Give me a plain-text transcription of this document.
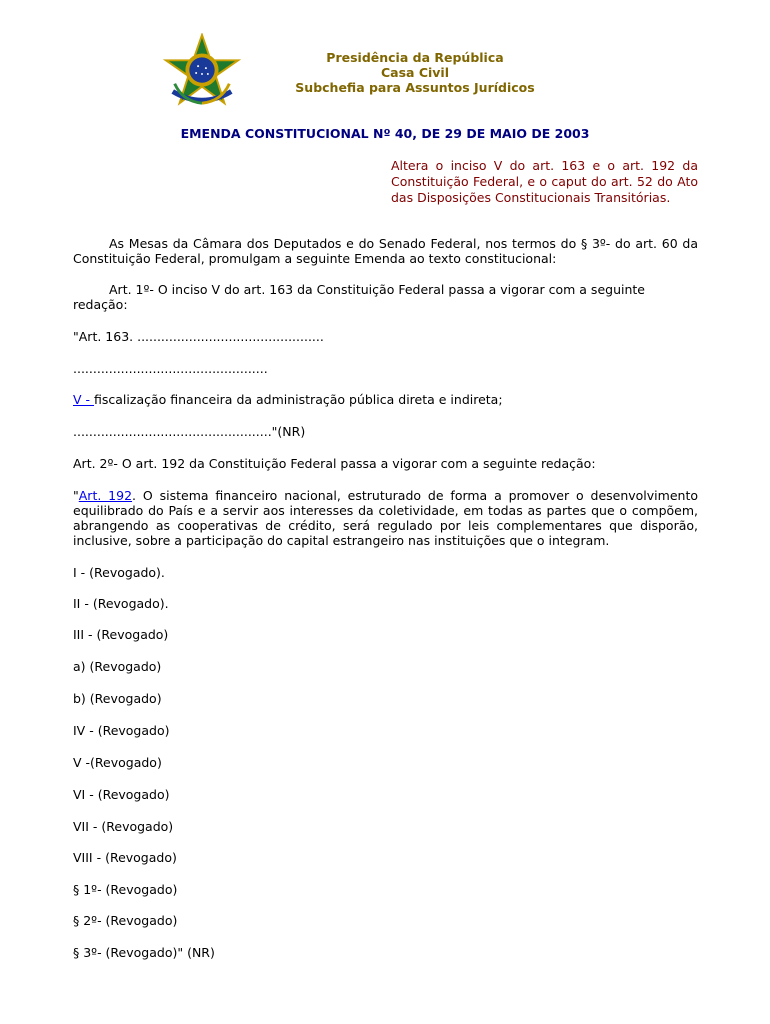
Presidência da República
Casa Civil
Subchefia para Assuntos Jurídicos
EMENDA CONSTITUCIONAL Nº 40, DE 29 DE MAIO DE 2003
Altera o inciso V do art. 163 e o art. 192 da Constituição Federal, e o caput do art. 52 do Ato das Disposições Constitucionais Transitórias.
As Mesas da Câmara dos Deputados e do Senado Federal, nos termos do § 3º- do art. 60 da Constituição Federal, promulgam a seguinte Emenda ao texto constitucional:
Art. 1º- O inciso V do art. 163 da Constituição Federal passa a vigorar com a seguinte redação:
"Art. 163. ...............................................
.................................................
V - fiscalização financeira da administração pública direta e indireta;
.................................................."(NR)
Art. 2º- O art. 192 da Constituição Federal passa a vigorar com a seguinte redação:
"Art. 192. O sistema financeiro nacional, estruturado de forma a promover o desenvolvimento equilibrado do País e a servir aos interesses da coletividade, em todas as partes que o compõem, abrangendo as cooperativas de crédito, será regulado por leis complementares que disporão, inclusive, sobre a participação do capital estrangeiro nas instituições que o integram.
I - (Revogado).
II - (Revogado).
III - (Revogado)
a) (Revogado)
b) (Revogado)
IV - (Revogado)
V -(Revogado)
VI - (Revogado)
VII - (Revogado)
VIII - (Revogado)
§ 1º- (Revogado)
§ 2º- (Revogado)
§ 3º- (Revogado)" (NR)
